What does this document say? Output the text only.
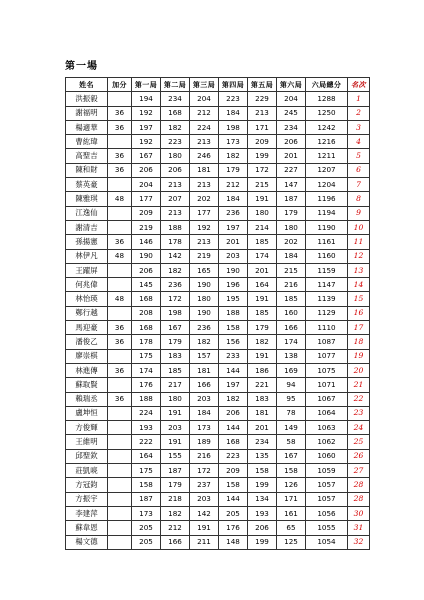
第一場
姓名	加分	第一局	第二局	第三局	第四局	第五局	第六局	六局總分	名次
洪振毅		194	234	204	223	229	204	1288	1
謝福明	36	192	168	212	184	213	245	1250	2
楊適華	36	197	182	224	198	171	234	1242	3
曹紘瑋		192	223	213	173	209	206	1216	4
高聖吉	36	167	180	246	182	199	201	1211	5
陳和財	36	206	206	181	179	172	227	1207	6
蔡英豪		204	213	213	212	215	147	1204	7
陳雅琪	48	177	207	202	184	191	187	1196	8
江逸仙		209	213	177	236	180	179	1194	9
謝清吉		219	188	192	197	214	180	1190	10
孫揚憲	36	146	178	213	201	185	202	1161	11
林伊凡	48	190	142	219	203	174	184	1160	12
王躍屏		206	182	165	190	201	215	1159	13
何兆偉		145	236	190	196	164	216	1147	14
林怡瑛	48	168	172	180	195	191	185	1139	15
鄭行越		208	198	190	188	185	160	1129	16
馬迎豪	36	168	167	236	158	179	166	1110	17
潘俊乙	36	178	179	182	156	182	174	1087	18
廖崇棋		175	183	157	233	191	138	1077	19
林進傳	36	174	185	181	144	186	169	1075	20
蘇取賢		176	217	166	197	221	94	1071	21
賴瑞丞	36	188	180	203	182	183	95	1067	22
盧坤恒		224	191	184	206	181	78	1064	23
方俊輝		193	203	173	144	201	149	1063	24
王維明		222	191	189	168	234	58	1062	25
邱聖欽		164	155	216	223	135	167	1060	26
莊凱喨		175	187	172	209	158	158	1059	27
方冠鈞		158	179	237	158	199	126	1057	28
方振宇		187	218	203	144	134	171	1057	28
李建萍		173	182	142	205	193	161	1056	30
蘇韋恩		205	212	191	176	206	65	1055	31
楊文德		205	166	211	148	199	125	1054	32
